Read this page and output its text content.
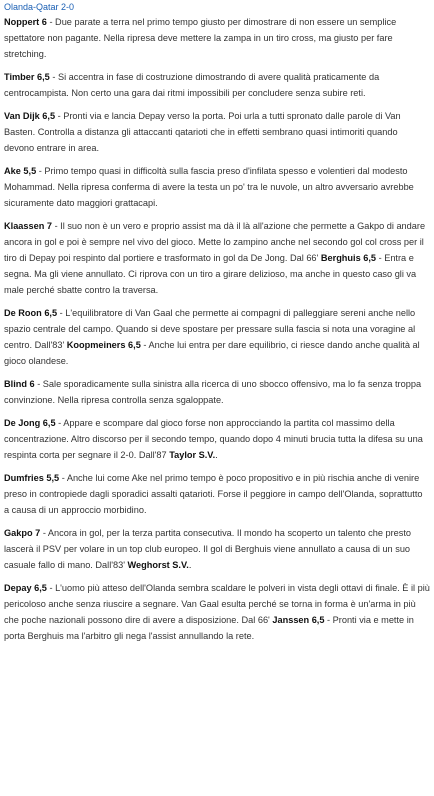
Olanda-Qatar 2-0

Noppert 6 - Due parate a terra nel primo tempo giusto per dimostrare di non essere un semplice spettatore non pagante. Nella ripresa deve mettere la zampa in un tiro cross, ma giusto per fare stretching.

Timber 6,5 - Si accentra in fase di costruzione dimostrando di avere qualità praticamente da centrocampista. Non certo una gara dai ritmi impossibili per concludere senza subire reti.

Van Dijk 6,5 - Pronti via e lancia Depay verso la porta. Poi urla a tutti spronato dalle parole di Van Basten. Controlla a distanza gli attaccanti qatarioti che in effetti sembrano quasi intimoriti quando devono entrare in area.

Ake 5,5 - Primo tempo quasi in difficoltà sulla fascia preso d'infilata spesso e volentieri dal modesto Mohammad. Nella ripresa conferma di avere la testa un po' tra le nuvole, un altro avversario avrebbe sicuramente dato maggiori grattacapi.

Klaassen 7 - Il suo non è un vero e proprio assist ma dà il là all'azione che permette a Gakpo di andare ancora in gol e poi è sempre nel vivo del gioco. Mette lo zampino anche nel secondo gol col cross per il tiro di Depay poi respinto dal portiere e trasformato in gol da De Jong. Dal 66' Berghuis 6,5 - Entra e segna. Ma gli viene annullato. Ci riprova con un tiro a girare delizioso, ma anche in questo caso gli va male perché sbatte contro la traversa.

De Roon 6,5 - L'equilibratore di Van Gaal che permette ai compagni di palleggiare sereni anche nello spazio centrale del campo. Quando si deve spostare per pressare sulla fascia si nota una voragine al centro. Dall'83' Koopmeiners 6,5 - Anche lui entra per dare equilibrio, ci riesce dando anche qualità al gioco olandese.

Blind 6 - Sale sporadicamente sulla sinistra alla ricerca di uno sbocco offensivo, ma lo fa senza troppa convinzione. Nella ripresa controlla senza sgaloppate.

De Jong 6,5 - Appare e scompare dal gioco forse non approcciando la partita col massimo della concentrazione. Altro discorso per il secondo tempo, quando dopo 4 minuti brucia tutta la difesa su una respinta corta per segnare il 2-0. Dall'87 Taylor S.V..

Dumfries 5,5 - Anche lui come Ake nel primo tempo è poco propositivo e in più rischia anche di venire preso in contropiede dagli sporadici assalti qatarioti. Forse il peggiore in campo dell'Olanda, soprattutto a causa di un approccio morbidino.

Gakpo 7 - Ancora in gol, per la terza partita consecutiva. Il mondo ha scoperto un talento che presto lascerà il PSV per volare in un top club europeo. Il gol di Berghuis viene annullato a causa di un suo casuale fallo di mano. Dall'83' Weghorst S.V..

Depay 6,5 - L'uomo più atteso dell'Olanda sembra scaldare le polveri in vista degli ottavi di finale. È il più pericoloso anche senza riuscire a segnare. Van Gaal esulta perché se torna in forma è un'arma in più che poche nazionali possono dire di avere a disposizione. Dal 66' Janssen 6,5 - Pronti via e mette in porta Berghuis ma l'arbitro gli nega l'assist annullando la rete.
